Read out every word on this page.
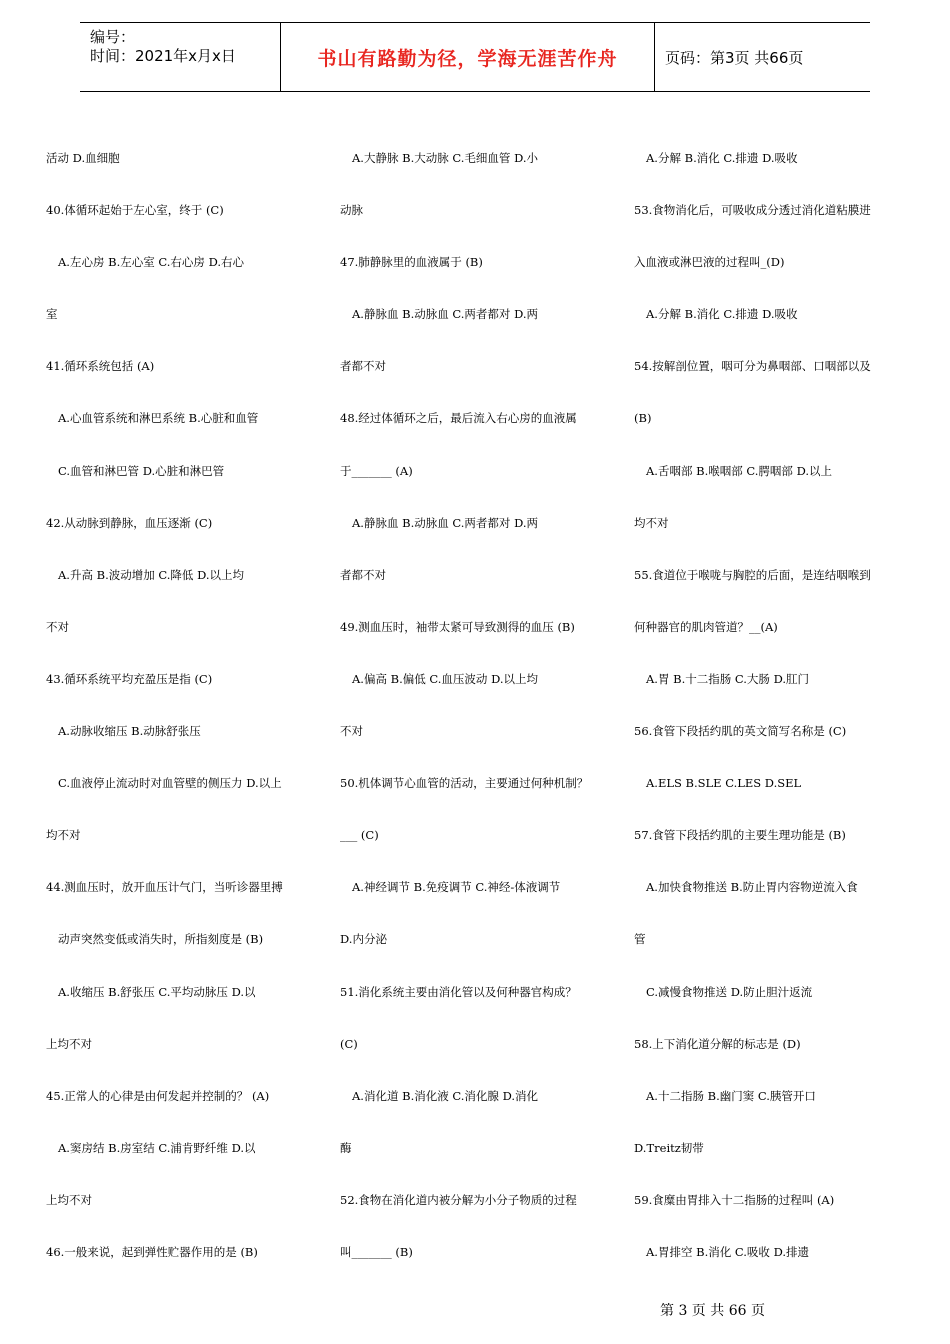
编号：
时间：2021年x月x日	书山有路勤为径，学海无涯苦作舟	页码：第3页 共66页
活动 D.血细胞
40.体循环起始于左心室，终于 (C)
A.左心房 B.左心室 C.右心房 D.右心
室
41.循环系统包括 (A)
A.心血管系统和淋巴系统 B.心脏和血管
C.血管和淋巴管 D.心脏和淋巴管
42.从动脉到静脉，血压逐渐 (C)
A.升高 B.波动增加 C.降低 D.以上均
不对
43.循环系统平均充盈压是指 (C)
A.动脉收缩压 B.动脉舒张压
C.血液停止流动时对血管壁的侧压力 D.以上
均不对
44.测血压时，放开血压计气门，当听诊器里搏
动声突然变低或消失时，所指刻度是 (B)
A.收缩压 B.舒张压 C.平均动脉压 D.以
上均不对
45.正常人的心律是由何发起并控制的？ (A)
A.窦房结 B.房室结 C.浦肯野纤维 D.以
上均不对
46.一般来说，起到弹性贮器作用的是 (B)
A.大静脉 B.大动脉 C.毛细血管 D.小
动脉
47.肺静脉里的血液属于 (B)
A.静脉血 B.动脉血 C.两者都对 D.两
者都不对
48.经过体循环之后，最后流入右心房的血液属
于_______ (A)
A.静脉血 B.动脉血 C.两者都对 D.两
者都不对
49.测血压时，袖带太紧可导致测得的血压 (B)
A.偏高 B.偏低 C.血压波动 D.以上均
不对
50.机体调节心血管的活动，主要通过何种机制？
___ (C)
A.神经调节 B.免疫调节 C.神经-体液调节
D.内分泌
51.消化系统主要由消化管以及何种器官构成？
(C)
A.消化道 B.消化液 C.消化腺 D.消化
酶
52.食物在消化道内被分解为小分子物质的过程
叫_______ (B)
A.分解 B.消化 C.排遗 D.吸收
53.食物消化后，可吸收成分透过消化道粘膜进
入血液或淋巴液的过程叫_(D)
A.分解 B.消化 C.排遗 D.吸收
54.按解剖位置，咽可分为鼻咽部、口咽部以及
(B)
A.舌咽部 B.喉咽部 C.腭咽部 D.以上
均不对
55.食道位于喉咙与胸腔的后面，是连结咽喉到
何种器官的肌肉管道？__(A)
A.胃 B.十二指肠 C.大肠 D.肛门
56.食管下段括约肌的英文简写名称是 (C)
A.ELS B.SLE C.LES D.SEL
57.食管下段括约肌的主要生理功能是 (B)
A.加快食物推送 B.防止胃内容物逆流入食
管
C.减慢食物推送 D.防止胆汁返流
58.上下消化道分解的标志是 (D)
A.十二指肠 B.幽门窦 C.胰管开口
D.Treitz韧带
59.食糜由胃排入十二指肠的过程叫 (A)
A.胃排空 B.消化 C.吸收 D.排遗
第 3 页 共 66 页
